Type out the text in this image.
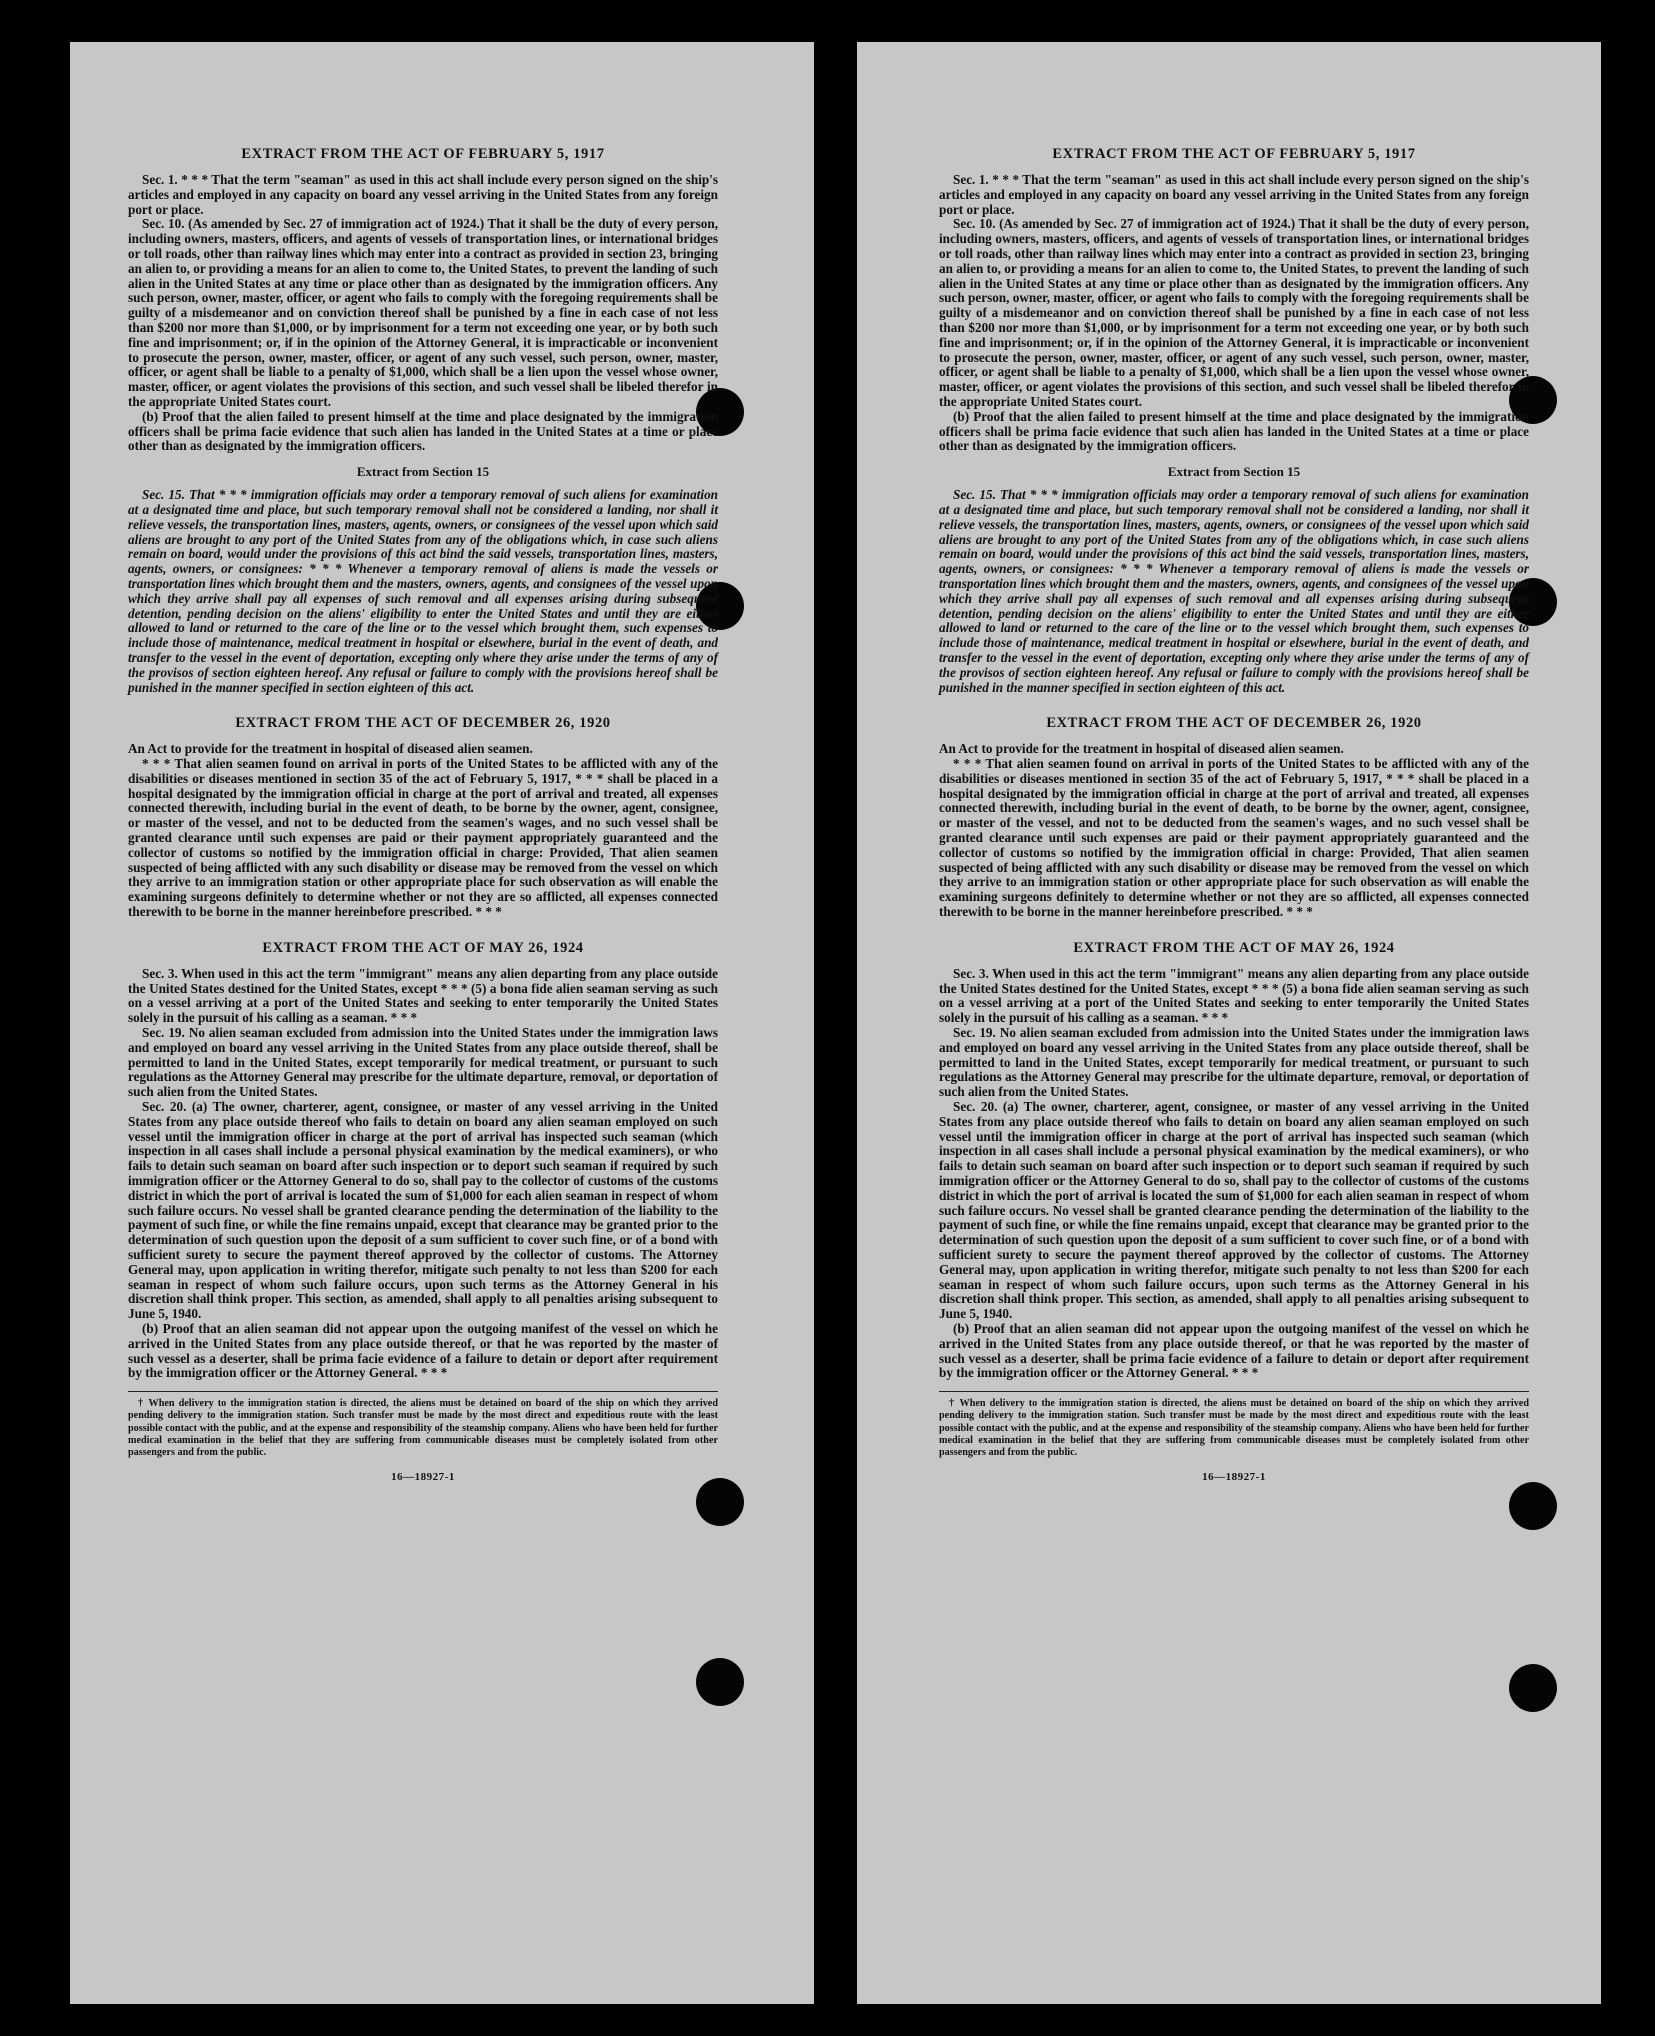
EXTRACT FROM THE ACT OF FEBRUARY 5, 1917

Sec. 1. * * * That the term "seaman" as used in this act shall include every person signed on the ship's articles and employed in any capacity on board any vessel arriving in the United States from any foreign port or place.

Sec. 10. (As amended by Sec. 27 of immigration act of 1924.) That it shall be the duty of every person, including owners, masters, officers, and agents of vessels of transportation lines, or international bridges or toll roads, other than railway lines which may enter into a contract as provided in section 23, bringing an alien to, or providing a means for an alien to come to, the United States, to prevent the landing of such alien in the United States at any time or place other than as designated by the immigration officers. Any such person, owner, master, officer, or agent who fails to comply with the foregoing requirements shall be guilty of a misdemeanor and on conviction thereof shall be punished by a fine in each case of not less than $200 nor more than $1,000, or by imprisonment for a term not exceeding one year, or by both such fine and imprisonment; or, if in the opinion of the Attorney General, it is impracticable or inconvenient to prosecute the person, owner, master, officer, or agent of any such vessel, such person, owner, master, officer, or agent shall be liable to a penalty of $1,000, which shall be a lien upon the vessel whose owner, master, officer, or agent violates the provisions of this section, and such vessel shall be libeled therefor in the appropriate United States court.

(b) Proof that the alien failed to present himself at the time and place designated by the immigration officers shall be prima facie evidence that such alien has landed in the United States at a time or place other than as designated by the immigration officers.

Extract from Section 15

Sec. 15. That * * * immigration officials may order a temporary removal of such aliens for examination at a designated time and place, but such temporary removal shall not be considered a landing, nor shall it relieve vessels, the transportation lines, masters, agents, owners, or consignees of the vessel upon which said aliens are brought to any port of the United States from any of the obligations which, in case such aliens remain on board, would under the provisions of this act bind the said vessels, transportation lines, masters, agents, owners, or consignees: * * * Whenever a temporary removal of aliens is made the vessels or transportation lines which brought them and the masters, owners, agents, and consignees of the vessel upon which they arrive shall pay all expenses of such removal and all expenses arising during subsequent detention, pending decision on the aliens' eligibility to enter the United States and until they are either allowed to land or returned to the care of the line or to the vessel which brought them, such expenses to include those of maintenance, medical treatment in hospital or elsewhere, burial in the event of death, and transfer to the vessel in the event of deportation, excepting only where they arise under the terms of any of the provisos of section eighteen hereof. Any refusal or failure to comply with the provisions hereof shall be punished in the manner specified in section eighteen of this act.

EXTRACT FROM THE ACT OF DECEMBER 26, 1920

An Act to provide for the treatment in hospital of diseased alien seamen.

* * * That alien seamen found on arrival in ports of the United States to be afflicted with any of the disabilities or diseases mentioned in section 35 of the act of February 5, 1917, * * * shall be placed in a hospital designated by the immigration official in charge at the port of arrival and treated, all expenses connected therewith, including burial in the event of death, to be borne by the owner, agent, consignee, or master of the vessel, and not to be deducted from the seamen's wages, and no such vessel shall be granted clearance until such expenses are paid or their payment appropriately guaranteed and the collector of customs so notified by the immigration official in charge: Provided, That alien seamen suspected of being afflicted with any such disability or disease may be removed from the vessel on which they arrive to an immigration station or other appropriate place for such observation as will enable the examining surgeons definitely to determine whether or not they are so afflicted, all expenses connected therewith to be borne in the manner hereinbefore prescribed. * * *

EXTRACT FROM THE ACT OF MAY 26, 1924

Sec. 3. When used in this act the term "immigrant" means any alien departing from any place outside the United States destined for the United States, except * * * (5) a bona fide alien seaman serving as such on a vessel arriving at a port of the United States and seeking to enter temporarily the United States solely in the pursuit of his calling as a seaman. * * *

Sec. 19. No alien seaman excluded from admission into the United States under the immigration laws and employed on board any vessel arriving in the United States from any place outside thereof, shall be permitted to land in the United States, except temporarily for medical treatment, or pursuant to such regulations as the Attorney General may prescribe for the ultimate departure, removal, or deportation of such alien from the United States.

Sec. 20. (a) The owner, charterer, agent, consignee, or master of any vessel arriving in the United States from any place outside thereof who fails to detain on board any alien seaman employed on such vessel until the immigration officer in charge at the port of arrival has inspected such seaman (which inspection in all cases shall include a personal physical examination by the medical examiners), or who fails to detain such seaman on board after such inspection or to deport such seaman if required by such immigration officer or the Attorney General to do so, shall pay to the collector of customs of the customs district in which the port of arrival is located the sum of $1,000 for each alien seaman in respect of whom such failure occurs. No vessel shall be granted clearance pending the determination of the liability to the payment of such fine, or while the fine remains unpaid, except that clearance may be granted prior to the determination of such question upon the deposit of a sum sufficient to cover such fine, or of a bond with sufficient surety to secure the payment thereof approved by the collector of customs. The Attorney General may, upon application in writing therefor, mitigate such penalty to not less than $200 for each seaman in respect of whom such failure occurs, upon such terms as the Attorney General in his discretion shall think proper. This section, as amended, shall apply to all penalties arising subsequent to June 5, 1940.

(b) Proof that an alien seaman did not appear upon the outgoing manifest of the vessel on which he arrived in the United States from any place outside thereof, or that he was reported by the master of such vessel as a deserter, shall be prima facie evidence of a failure to detain or deport after requirement by the immigration officer or the Attorney General. * * *

† When delivery to the immigration station is directed, the aliens must be detained on board of the ship on which they arrived pending delivery to the immigration station. Such transfer must be made by the most direct and expeditious route with the least possible contact with the public, and at the expense and responsibility of the steamship company. Aliens who have been held for further medical examination in the belief that they are suffering from communicable diseases must be completely isolated from other passengers and from the public.

16—18927-1
EXTRACT FROM THE ACT OF FEBRUARY 5, 1917

Sec. 1. * * * That the term "seaman" as used in this act shall include every person signed on the ship's articles and employed in any capacity on board any vessel arriving in the United States from any foreign port or place.

Sec. 10. (As amended by Sec. 27 of immigration act of 1924.) That it shall be the duty of every person, including owners, masters, officers, and agents of vessels of transportation lines, or international bridges or toll roads, other than railway lines which may enter into a contract as provided in section 23, bringing an alien to, or providing a means for an alien to come to, the United States, to prevent the landing of such alien in the United States at any time or place other than as designated by the immigration officers. Any such person, owner, master, officer, or agent who fails to comply with the foregoing requirements shall be guilty of a misdemeanor and on conviction thereof shall be punished by a fine in each case of not less than $200 nor more than $1,000, or by imprisonment for a term not exceeding one year, or by both such fine and imprisonment; or, if in the opinion of the Attorney General, it is impracticable or inconvenient to prosecute the person, owner, master, officer, or agent of any such vessel, such person, owner, master, officer, or agent shall be liable to a penalty of $1,000, which shall be a lien upon the vessel whose owner, master, officer, or agent violates the provisions of this section, and such vessel shall be libeled therefor in the appropriate United States court.

(b) Proof that the alien failed to present himself at the time and place designated by the immigration officers shall be prima facie evidence that such alien has landed in the United States at a time or place other than as designated by the immigration officers.

Extract from Section 15

Sec. 15. That * * * immigration officials may order a temporary removal of such aliens for examination at a designated time and place, but such temporary removal shall not be considered a landing, nor shall it relieve vessels, the transportation lines, masters, agents, owners, or consignees of the vessel upon which said aliens are brought to any port of the United States from any of the obligations which, in case such aliens remain on board, would under the provisions of this act bind the said vessels, transportation lines, masters, agents, owners, or consignees: * * * Whenever a temporary removal of aliens is made the vessels or transportation lines which brought them and the masters, owners, agents, and consignees of the vessel upon which they arrive shall pay all expenses of such removal and all expenses arising during subsequent detention, pending decision on the aliens' eligibility to enter the United States and until they are either allowed to land or returned to the care of the line or to the vessel which brought them, such expenses to include those of maintenance, medical treatment in hospital or elsewhere, burial in the event of death, and transfer to the vessel in the event of deportation, excepting only where they arise under the terms of any of the provisos of section eighteen hereof. Any refusal or failure to comply with the provisions hereof shall be punished in the manner specified in section eighteen of this act.

EXTRACT FROM THE ACT OF DECEMBER 26, 1920

An Act to provide for the treatment in hospital of diseased alien seamen.

* * * That alien seamen found on arrival in ports of the United States to be afflicted with any of the disabilities or diseases mentioned in section 35 of the act of February 5, 1917, * * * shall be placed in a hospital designated by the immigration official in charge at the port of arrival and treated, all expenses connected therewith, including burial in the event of death, to be borne by the owner, agent, consignee, or master of the vessel, and not to be deducted from the seamen's wages, and no such vessel shall be granted clearance until such expenses are paid or their payment appropriately guaranteed and the collector of customs so notified by the immigration official in charge: Provided, That alien seamen suspected of being afflicted with any such disability or disease may be removed from the vessel on which they arrive to an immigration station or other appropriate place for such observation as will enable the examining surgeons definitely to determine whether or not they are so afflicted, all expenses connected therewith to be borne in the manner hereinbefore prescribed. * * *

EXTRACT FROM THE ACT OF MAY 26, 1924

Sec. 3. When used in this act the term "immigrant" means any alien departing from any place outside the United States destined for the United States, except * * * (5) a bona fide alien seaman serving as such on a vessel arriving at a port of the United States and seeking to enter temporarily the United States solely in the pursuit of his calling as a seaman. * * *

Sec. 19. No alien seaman excluded from admission into the United States under the immigration laws and employed on board any vessel arriving in the United States from any place outside thereof, shall be permitted to land in the United States, except temporarily for medical treatment, or pursuant to such regulations as the Attorney General may prescribe for the ultimate departure, removal, or deportation of such alien from the United States.

Sec. 20. (a) The owner, charterer, agent, consignee, or master of any vessel arriving in the United States from any place outside thereof who fails to detain on board any alien seaman employed on such vessel until the immigration officer in charge at the port of arrival has inspected such seaman (which inspection in all cases shall include a personal physical examination by the medical examiners), or who fails to detain such seaman on board after such inspection or to deport such seaman if required by such immigration officer or the Attorney General to do so, shall pay to the collector of customs of the customs district in which the port of arrival is located the sum of $1,000 for each alien seaman in respect of whom such failure occurs. No vessel shall be granted clearance pending the determination of the liability to the payment of such fine, or while the fine remains unpaid, except that clearance may be granted prior to the determination of such question upon the deposit of a sum sufficient to cover such fine, or of a bond with sufficient surety to secure the payment thereof approved by the collector of customs. The Attorney General may, upon application in writing therefor, mitigate such penalty to not less than $200 for each seaman in respect of whom such failure occurs, upon such terms as the Attorney General in his discretion shall think proper. This section, as amended, shall apply to all penalties arising subsequent to June 5, 1940.

(b) Proof that an alien seaman did not appear upon the outgoing manifest of the vessel on which he arrived in the United States from any place outside thereof, or that he was reported by the master of such vessel as a deserter, shall be prima facie evidence of a failure to detain or deport after requirement by the immigration officer or the Attorney General. * * *

† When delivery to the immigration station is directed, the aliens must be detained on board of the ship on which they arrived pending delivery to the immigration station. Such transfer must be made by the most direct and expeditious route with the least possible contact with the public, and at the expense and responsibility of the steamship company. Aliens who have been held for further medical examination in the belief that they are suffering from communicable diseases must be completely isolated from other passengers and from the public.

16—18927-1
